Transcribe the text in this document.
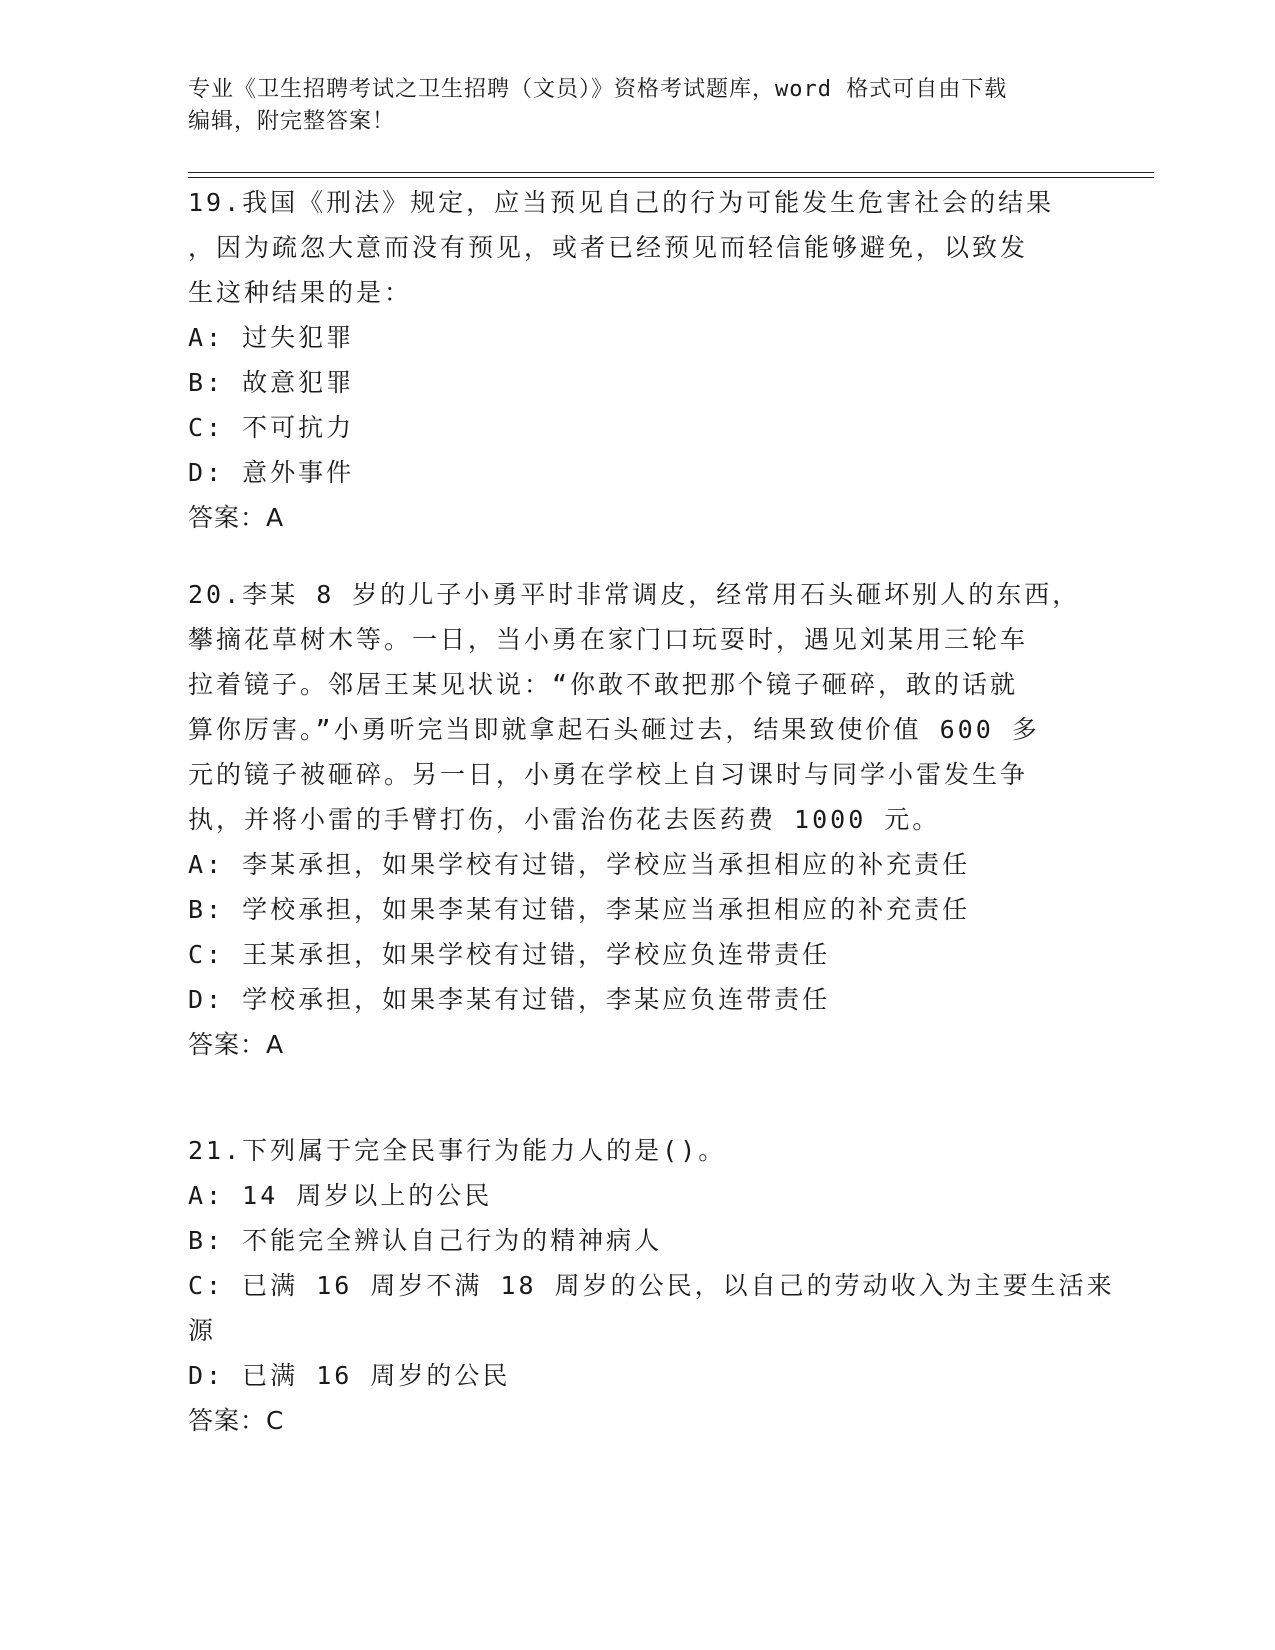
专业《卫生招聘考试之卫生招聘（文员）》资格考试题库，word 格式可自由下载
编辑，附完整答案！
19.我国《刑法》规定，应当预见自己的行为可能发生危害社会的结果
，因为疏忽大意而没有预见，或者已经预见而轻信能够避免，以致发
生这种结果的是：
A: 过失犯罪
B: 故意犯罪
C: 不可抗力
D: 意外事件
答案：A
20.李某 8 岁的儿子小勇平时非常调皮，经常用石头砸坏别人的东西，
攀摘花草树木等。一日，当小勇在家门口玩耍时，遇见刘某用三轮车
拉着镜子。邻居王某见状说：“你敢不敢把那个镜子砸碎，敢的话就
算你厉害。”小勇听完当即就拿起石头砸过去，结果致使价值 600 多
元的镜子被砸碎。另一日，小勇在学校上自习课时与同学小雷发生争
执，并将小雷的手臂打伤，小雷治伤花去医药费 1000 元。
A: 李某承担，如果学校有过错，学校应当承担相应的补充责任
B: 学校承担，如果李某有过错，李某应当承担相应的补充责任
C: 王某承担，如果学校有过错，学校应负连带责任
D: 学校承担，如果李某有过错，李某应负连带责任
答案：A
21.下列属于完全民事行为能力人的是()。
A: 14 周岁以上的公民
B: 不能完全辨认自己行为的精神病人
C: 已满 16 周岁不满 18 周岁的公民，以自己的劳动收入为主要生活来
源
D: 已满 16 周岁的公民
答案：C
